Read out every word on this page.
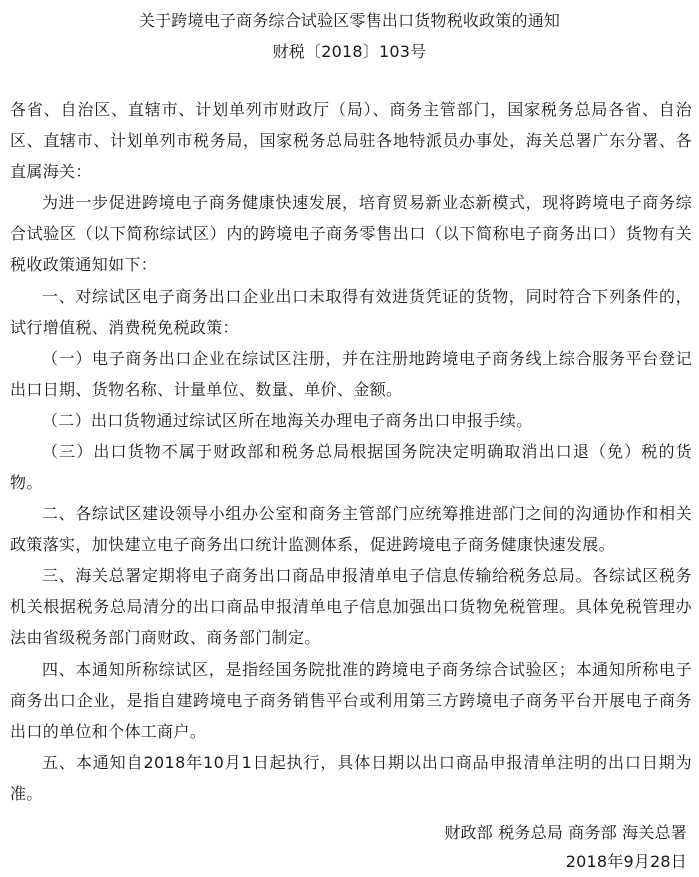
关于跨境电子商务综合试验区零售出口货物税收政策的通知
财税〔2018〕103号
各省、自治区、直辖市、计划单列市财政厅（局）、商务主管部门，国家税务总局各省、自治区、直辖市、计划单列市税务局，国家税务总局驻各地特派员办事处，海关总署广东分署、各直属海关：
为进一步促进跨境电子商务健康快速发展，培育贸易新业态新模式，现将跨境电子商务综合试验区（以下简称综试区）内的跨境电子商务零售出口（以下简称电子商务出口）货物有关税收政策通知如下：
一、对综试区电子商务出口企业出口未取得有效进货凭证的货物，同时符合下列条件的，试行增值税、消费税免税政策：
（一）电子商务出口企业在综试区注册，并在注册地跨境电子商务线上综合服务平台登记出口日期、货物名称、计量单位、数量、单价、金额。
（二）出口货物通过综试区所在地海关办理电子商务出口申报手续。
（三）出口货物不属于财政部和税务总局根据国务院决定明确取消出口退（免）税的货物。
二、各综试区建设领导小组办公室和商务主管部门应统筹推进部门之间的沟通协作和相关政策落实，加快建立电子商务出口统计监测体系，促进跨境电子商务健康快速发展。
三、海关总署定期将电子商务出口商品申报清单电子信息传输给税务总局。各综试区税务机关根据税务总局清分的出口商品申报清单电子信息加强出口货物免税管理。具体免税管理办法由省级税务部门商财政、商务部门制定。
四、本通知所称综试区，是指经国务院批准的跨境电子商务综合试验区；本通知所称电子商务出口企业，是指自建跨境电子商务销售平台或利用第三方跨境电子商务平台开展电子商务出口的单位和个体工商户。
五、本通知自2018年10月1日起执行，具体日期以出口商品申报清单注明的出口日期为准。
财政部 税务总局 商务部 海关总署
2018年9月28日
